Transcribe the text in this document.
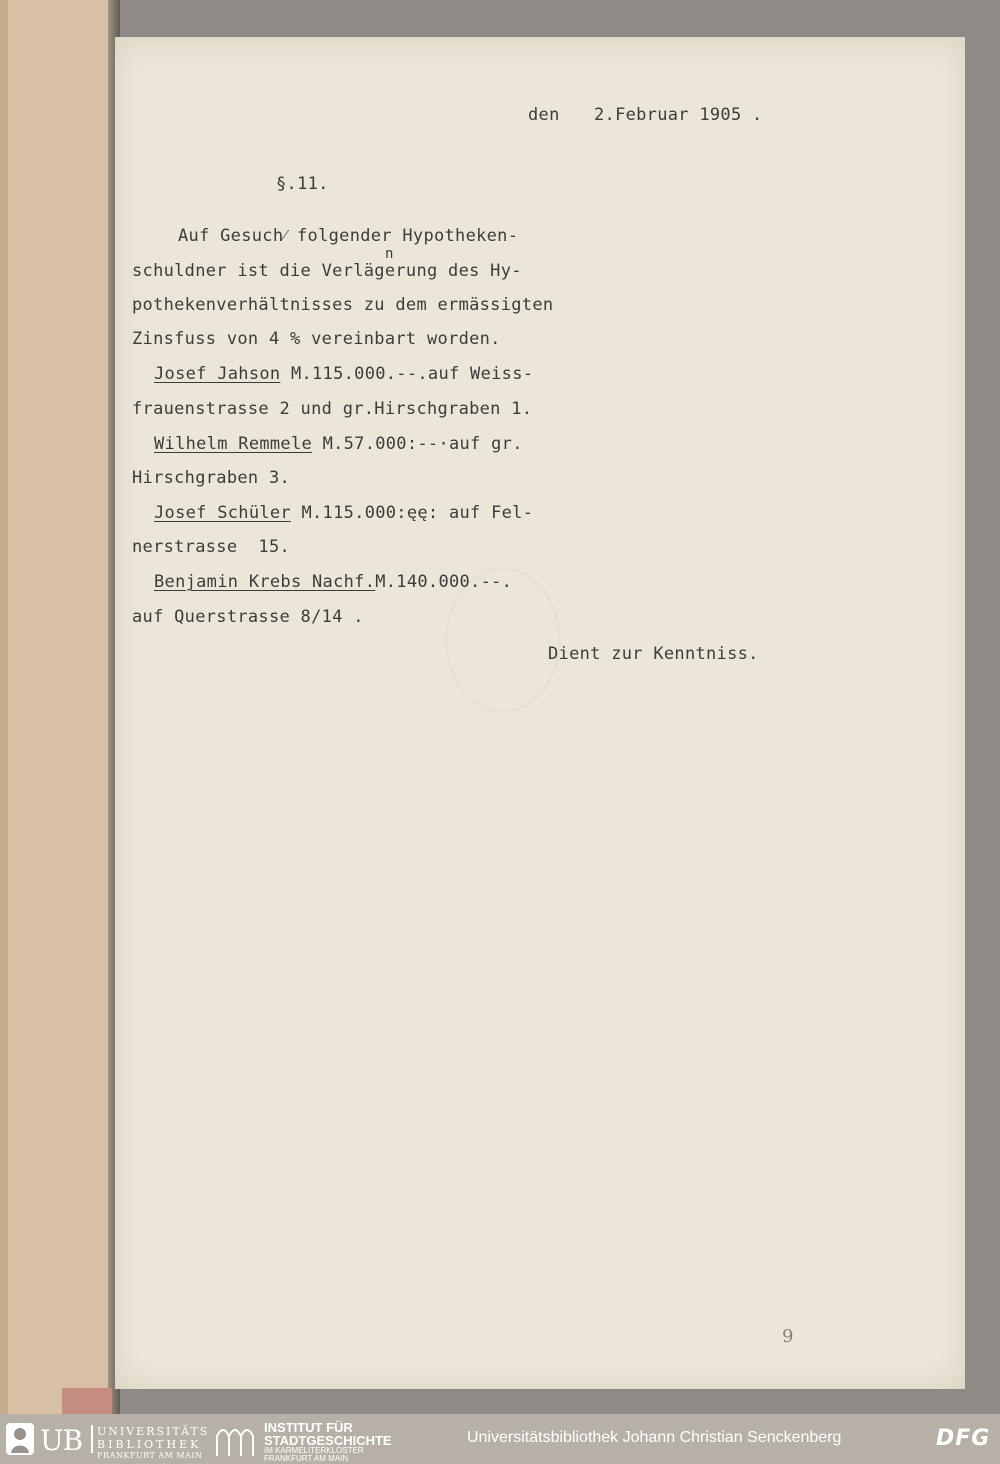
den 2.Februar 1905 .
§.11.
Auf Gesuch⁄ folgender Hypotheken-
n
schuldner ist die Verlägerung des Hy-
pothekenverhältnisses zu dem ermässigten
Zinsfuss von 4 % vereinbart worden.
Josef Jahson M.115.000.--.auf Weiss-
frauenstrasse 2 und gr.Hirschgraben 1.
Wilhelm Remmele M.57.000:--·auf gr.
Hirschgraben 3.
Josef Schüler M.115.000:ęę: auf Fel-
nerstrasse  15.
Benjamin Krebs Nachf.M.140.000.--.
auf Querstrasse 8/14 .
Dient zur Kenntniss.
9
UB UNIVERSITÄTS
BIBLIOTHEK
FRANKFURT AM MAIN
INSTITUT FÜR
STADTGESCHICHTE
IM KARMELITERKLOSTER
FRANKFURT AM MAIN
Universitätsbibliothek Johann Christian Senckenberg	DFG
